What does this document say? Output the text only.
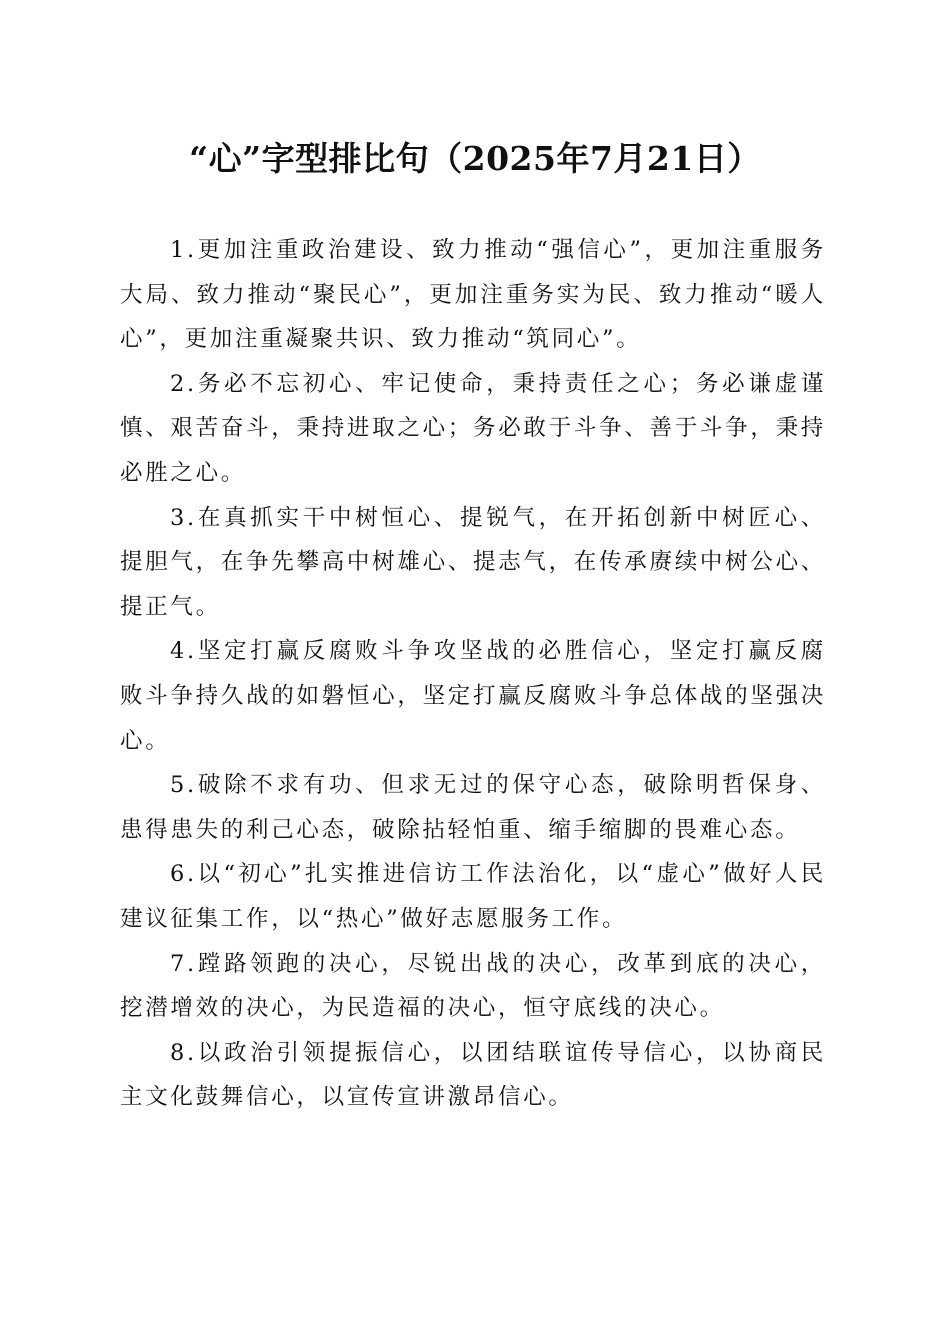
“心”字型排比句（2025年7月21日）

1.更加注重政治建设、致力推动“强信心”，更加注重服务大局、致力推动“聚民心”，更加注重务实为民、致力推动“暖人心”，更加注重凝聚共识、致力推动“筑同心”。

2.务必不忘初心、牢记使命，秉持责任之心；务必谦虚谨慎、艰苦奋斗，秉持进取之心；务必敢于斗争、善于斗争，秉持必胜之心。

3.在真抓实干中树恒心、提锐气，在开拓创新中树匠心、提胆气，在争先攀高中树雄心、提志气，在传承赓续中树公心、提正气。

4.坚定打赢反腐败斗争攻坚战的必胜信心，坚定打赢反腐败斗争持久战的如磐恒心，坚定打赢反腐败斗争总体战的坚强决心。

5.破除不求有功、但求无过的保守心态，破除明哲保身、患得患失的利己心态，破除拈轻怕重、缩手缩脚的畏难心态。

6.以“初心”扎实推进信访工作法治化，以“虚心”做好人民建议征集工作，以“热心”做好志愿服务工作。

7.蹚路领跑的决心，尽锐出战的决心，改革到底的决心，挖潜增效的决心，为民造福的决心，恒守底线的决心。

8.以政治引领提振信心，以团结联谊传导信心，以协商民主文化鼓舞信心，以宣传宣讲激昂信心。
